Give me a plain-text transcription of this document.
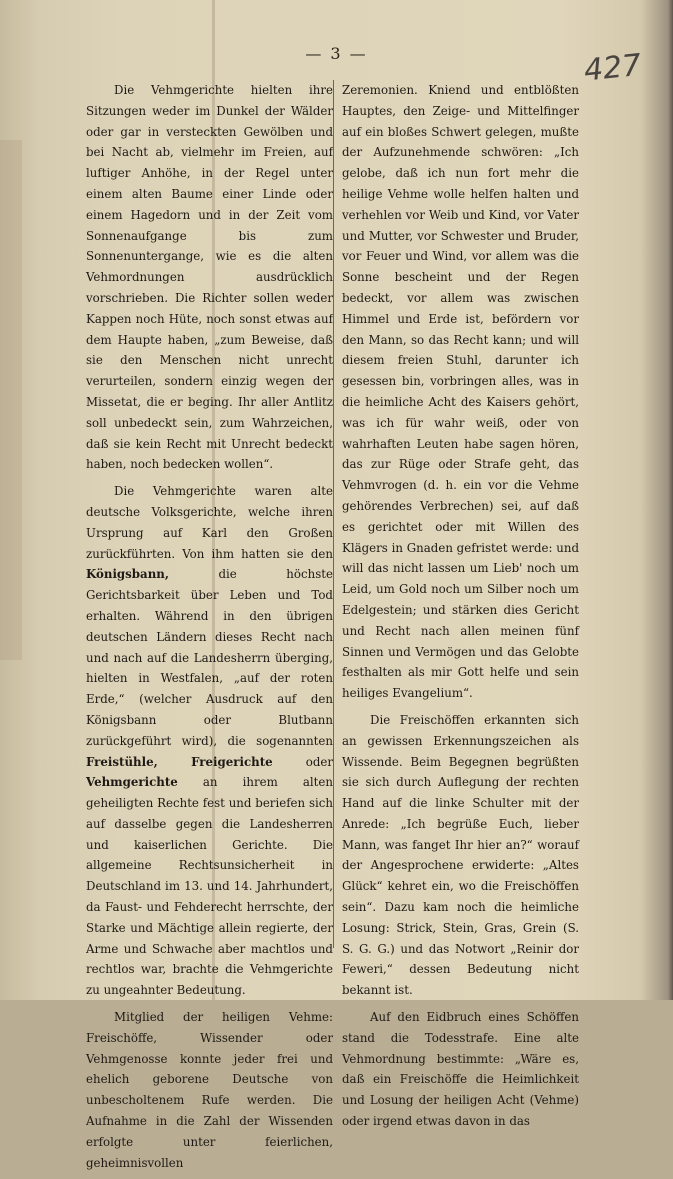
— 3 —	427

Die Vehmgerichte hielten ihre Sitzungen weder im Dunkel der Wälder oder gar in versteckten Gewölben und bei Nacht ab, vielmehr im Freien, auf luftiger Anhöhe, in der Regel unter einem alten Baume einer Linde oder einem Hagedorn und in der Zeit vom Sonnenaufgange bis zum Sonnenuntergange, wie es die alten Vehmordnungen ausdrücklich vorschrieben. Die Richter sollen weder Kappen noch Hüte, noch sonst etwas auf dem Haupte haben, „zum Beweise, daß sie den Menschen nicht unrecht verurteilen, sondern einzig wegen der Missetat, die er beging. Ihr aller Antlitz soll unbedeckt sein, zum Wahrzeichen, daß sie kein Recht mit Unrecht bedeckt haben, noch bedecken wollen“.

Die Vehmgerichte waren alte deutsche Volksgerichte, welche ihren Ursprung auf Karl den Großen zurückführten. Von ihm hatten sie den Königsbann, die höchste Gerichtsbarkeit über Leben und Tod erhalten. Während in den übrigen deutschen Ländern dieses Recht nach und nach auf die Landesherrn überging, hielten in Westfalen, „auf der roten Erde,“ (welcher Ausdruck auf den Königsbann oder Blutbann zurückgeführt wird), die sogenannten Freistühle, Freigerichte oder Vehmgerichte an ihrem alten geheiligten Rechte fest und beriefen sich auf dasselbe gegen die Landesherren und kaiserlichen Gerichte. Die allgemeine Rechtsunsicherheit in Deutschland im 13. und 14. Jahrhundert, da Faust- und Fehderecht herrschte, der Starke und Mächtige allein regierte, der Arme und Schwache aber machtlos und rechtlos war, brachte die Vehmgerichte zu ungeahnter Bedeutung.

Mitglied der heiligen Vehme: Freischöffe, Wissender oder Vehmgenosse konnte jeder frei und ehelich geborene Deutsche von unbescholtenem Rufe werden. Die Aufnahme in die Zahl der Wissenden erfolgte unter feierlichen, geheimnisvollen

Zeremonien. Kniend und entblößten Hauptes, den Zeige- und Mittelfinger auf ein bloßes Schwert gelegen, mußte der Aufzunehmende schwören: „Ich gelobe, daß ich nun fort mehr die heilige Vehme wolle helfen halten und verhehlen vor Weib und Kind, vor Vater und Mutter, vor Schwester und Bruder, vor Feuer und Wind, vor allem was die Sonne bescheint und der Regen bedeckt, vor allem was zwischen Himmel und Erde ist, befördern vor den Mann, so das Recht kann; und will diesem freien Stuhl, darunter ich gesessen bin, vorbringen alles, was in die heimliche Acht des Kaisers gehört, was ich für wahr weiß, oder von wahrhaften Leuten habe sagen hören, das zur Rüge oder Strafe geht, das Vehmvrogen (d. h. ein vor die Vehme gehörendes Verbrechen) sei, auf daß es gerichtet oder mit Willen des Klägers in Gnaden gefristet werde: und will das nicht lassen um Lieb' noch um Leid, um Gold noch um Silber noch um Edelgestein; und stärken dies Gericht und Recht nach allen meinen fünf Sinnen und Vermögen und das Gelobte festhalten als mir Gott helfe und sein heiliges Evangelium“.

Die Freischöffen erkannten sich an gewissen Erkennungszeichen als Wissende. Beim Begegnen begrüßten sie sich durch Auflegung der rechten Hand auf die linke Schulter mit der Anrede: „Ich begrüße Euch, lieber Mann, was fanget Ihr hier an?“ worauf der Angesprochene erwiderte: „Altes Glück“ kehret ein, wo die Freischöffen sein“. Dazu kam noch die heimliche Losung: Strick, Stein, Gras, Grein (S. S. G. G.) und das Notwort „Reinir dor Feweri,“ dessen Bedeutung nicht bekannt ist.

Auf den Eidbruch eines Schöffen stand die Todesstrafe. Eine alte Vehmordnung bestimmte: „Wäre es, daß ein Freischöffe die Heimlichkeit und Losung der heiligen Acht (Vehme) oder irgend etwas davon in das
